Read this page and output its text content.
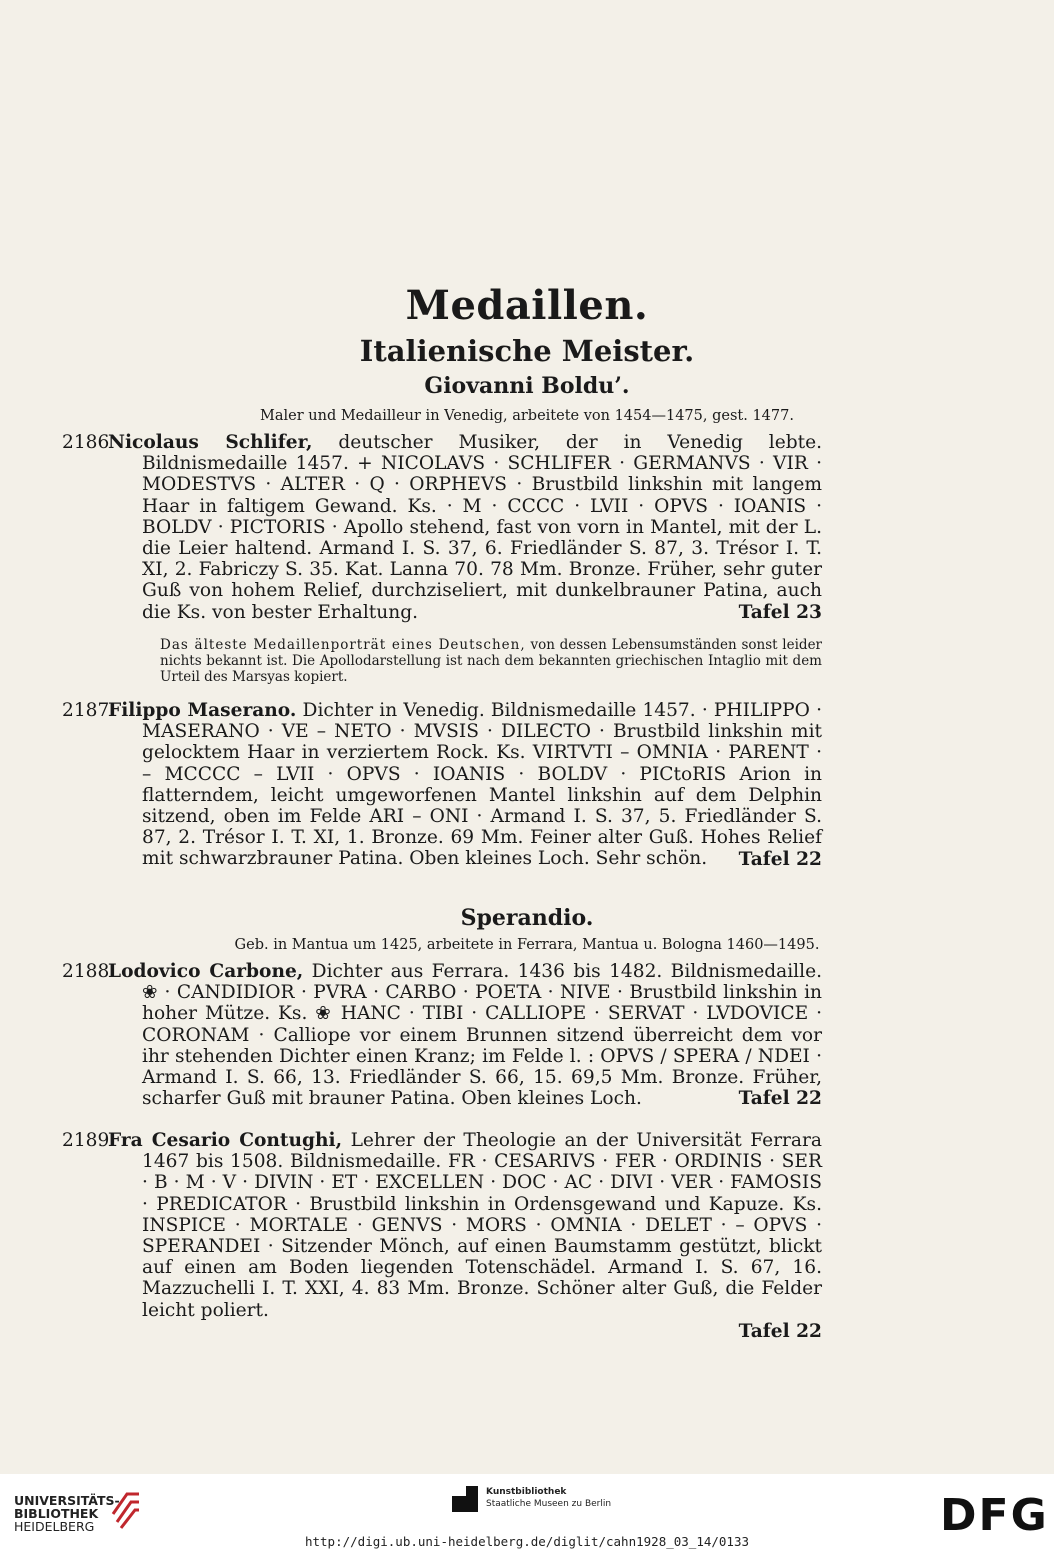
Medaillen.
Italienische Meister.
Giovanni Boldu’.
Maler und Medailleur in Venedig, arbeitete von 1454—1475, gest. 1477.
2186
Nicolaus Schlifer, deutscher Musiker, der in Venedig lebte. Bildnismedaille 1457. + NICOLAVS · SCHLIFER · GERMANVS · VIR · MODESTVS · ALTER · Q · ORPHEVS · Brustbild linkshin mit langem Haar in faltigem Gewand. Ks. · M · CCCC · LVII · OPVS · IOANIS · BOLDV · PICTORIS · Apollo stehend, fast von vorn in Mantel, mit der L. die Leier haltend. Armand I. S. 37, 6. Friedländer S. 87, 3. Trésor I. T. XI, 2. Fabriczy S. 35. Kat. Lanna 70. 78 Mm. Bronze. Früher, sehr guter Guß von hohem Relief, durchziseliert, mit dunkelbrauner Patina, auch die Ks. von bester Erhaltung.	Tafel 23
Das älteste Medaillenporträt eines Deutschen, von dessen Lebensumständen sonst leider nichts bekannt ist. Die Apollodarstellung ist nach dem bekannten griechischen Intaglio mit dem Urteil des Marsyas kopiert.
2187
Filippo Maserano. Dichter in Venedig. Bildnismedaille 1457. · PHILIPPO · MASERANO · VE – NETO · MVSIS · DILECTO · Brustbild linkshin mit gelocktem Haar in verziertem Rock. Ks. VIRTVTI – OMNIA · PARENT · – MCCCC – LVII · OPVS · IOANIS · BOLDV · PICtoRIS Arion in flatterndem, leicht umgeworfenen Mantel linkshin auf dem Delphin sitzend, oben im Felde ARI – ONI · Armand I. S. 37, 5. Friedländer S. 87, 2. Trésor I. T. XI, 1. Bronze. 69 Mm. Feiner alter Guß. Hohes Relief mit schwarzbrauner Patina. Oben kleines Loch. Sehr schön.	Tafel 22
Sperandio.
Geb. in Mantua um 1425, arbeitete in Ferrara, Mantua u. Bologna 1460—1495.
2188
Lodovico Carbone, Dichter aus Ferrara. 1436 bis 1482. Bildnismedaille. ❀ · CANDIDIOR · PVRA · CARBO · POETA · NIVE · Brustbild linkshin in hoher Mütze. Ks. ❀ HANC · TIBI · CALLIOPE · SERVAT · LVDOVICE · CORONAM · Calliope vor einem Brunnen sitzend überreicht dem vor ihr stehenden Dichter einen Kranz; im Felde l. : OPVS / SPERA / NDEI · Armand I. S. 66, 13. Friedländer S. 66, 15. 69,5 Mm. Bronze. Früher, scharfer Guß mit brauner Patina. Oben kleines Loch.	Tafel 22
2189
Fra Cesario Contughi, Lehrer der Theologie an der Universität Ferrara 1467 bis 1508. Bildnismedaille. FR · CESARIVS · FER · ORDINIS · SER · B · M · V · DIVIN · ET · EXCELLEN · DOC · AC · DIVI · VER · FAMOSIS · PREDICATOR · Brustbild linkshin in Ordensgewand und Kapuze. Ks. INSPICE · MORTALE · GENVS · MORS · OMNIA · DELET · – OPVS · SPERANDEI · Sitzender Mönch, auf einen Baumstamm gestützt, blickt auf einen am Boden liegenden Totenschädel. Armand I. S. 67, 16. Mazzuchelli I. T. XXI, 4. 83 Mm. Bronze. Schöner alter Guß, die Felder leicht poliert.
Tafel 22
UNIVERSITÄTS-
BIBLIOTHEK
HEIDELBERG
Kunstbibliothek
Staatliche Museen zu Berlin	DFG
http://digi.ub.uni-heidelberg.de/diglit/cahn1928_03_14/0133
